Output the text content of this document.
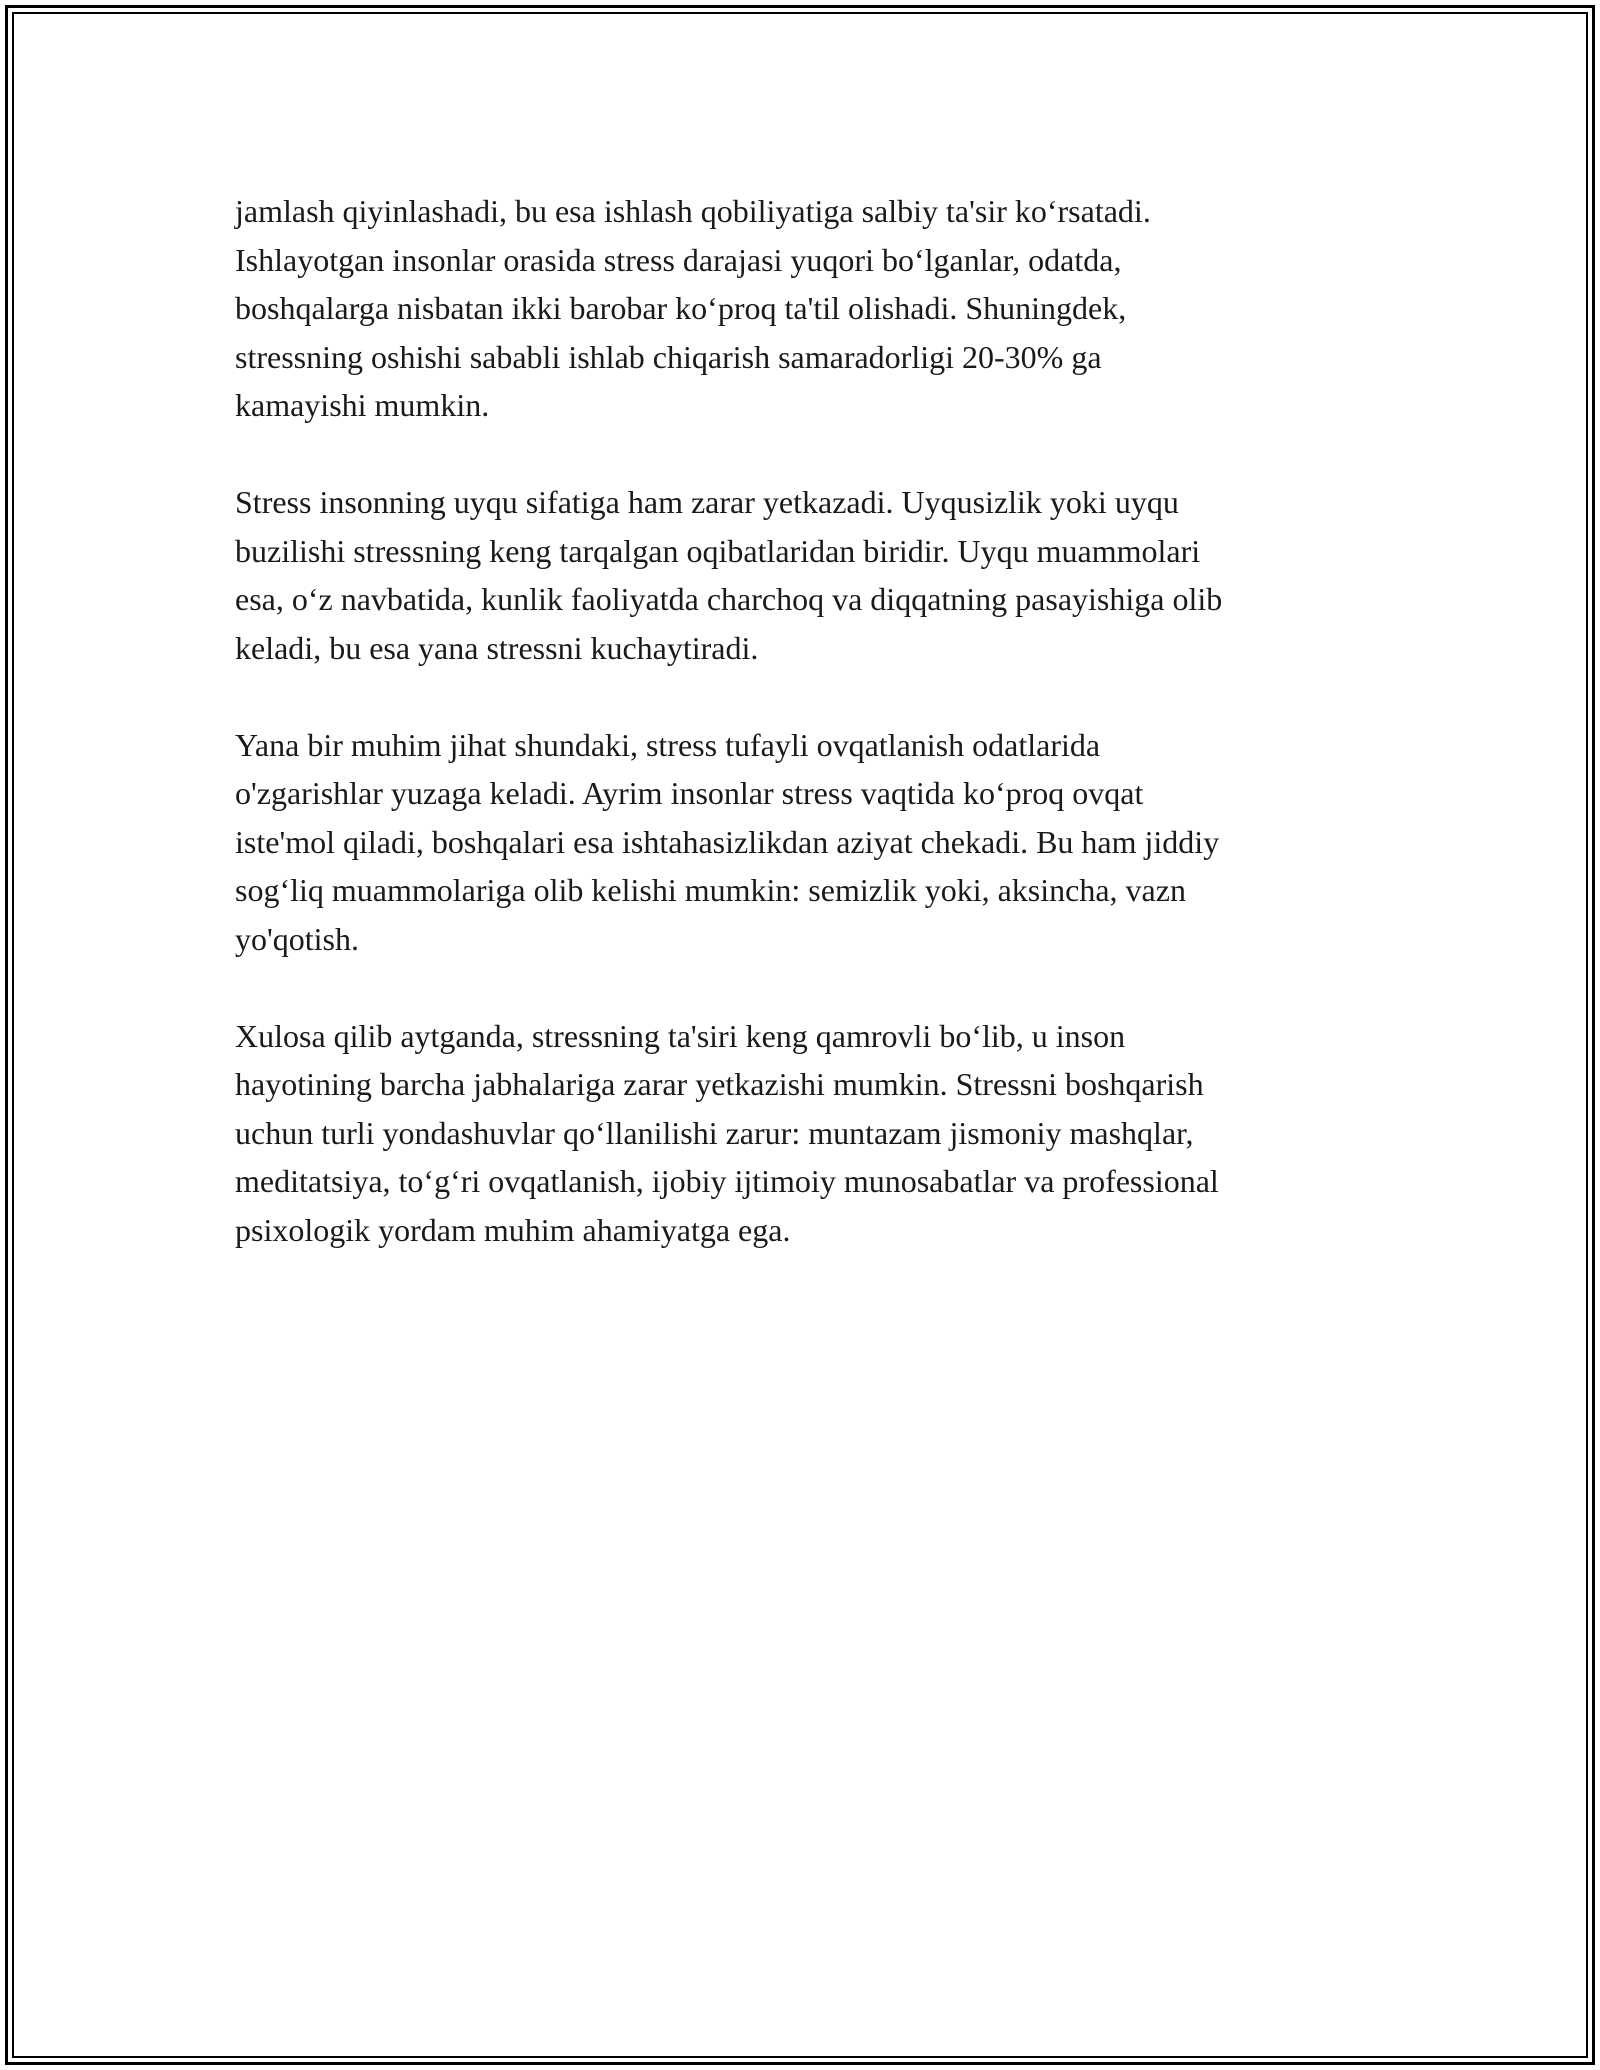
jamlash qiyinlashadi, bu esa ishlash qobiliyatiga salbiy ta'sir ko‘rsatadi.
Ishlayotgan insonlar orasida stress darajasi yuqori bo‘lganlar, odatda,
boshqalarga nisbatan ikki barobar ko‘proq ta'til olishadi. Shuningdek,
stressning oshishi sababli ishlab chiqarish samaradorligi 20-30% ga
kamayishi mumkin.
Stress insonning uyqu sifatiga ham zarar yetkazadi. Uyqusizlik yoki uyqu
buzilishi stressning keng tarqalgan oqibatlaridan biridir. Uyqu muammolari
esa, o‘z navbatida, kunlik faoliyatda charchoq va diqqatning pasayishiga olib
keladi, bu esa yana stressni kuchaytiradi.
Yana bir muhim jihat shundaki, stress tufayli ovqatlanish odatlarida
o'zgarishlar yuzaga keladi. Ayrim insonlar stress vaqtida ko‘proq ovqat
iste'mol qiladi, boshqalari esa ishtahasizlikdan aziyat chekadi. Bu ham jiddiy
sog‘liq muammolariga olib kelishi mumkin: semizlik yoki, aksincha, vazn
yo'qotish.
Xulosa qilib aytganda, stressning ta'siri keng qamrovli bo‘lib, u inson
hayotining barcha jabhalariga zarar yetkazishi mumkin. Stressni boshqarish
uchun turli yondashuvlar qo‘llanilishi zarur: muntazam jismoniy mashqlar,
meditatsiya, to‘g‘ri ovqatlanish, ijobiy ijtimoiy munosabatlar va professional
psixologik yordam muhim ahamiyatga ega.
